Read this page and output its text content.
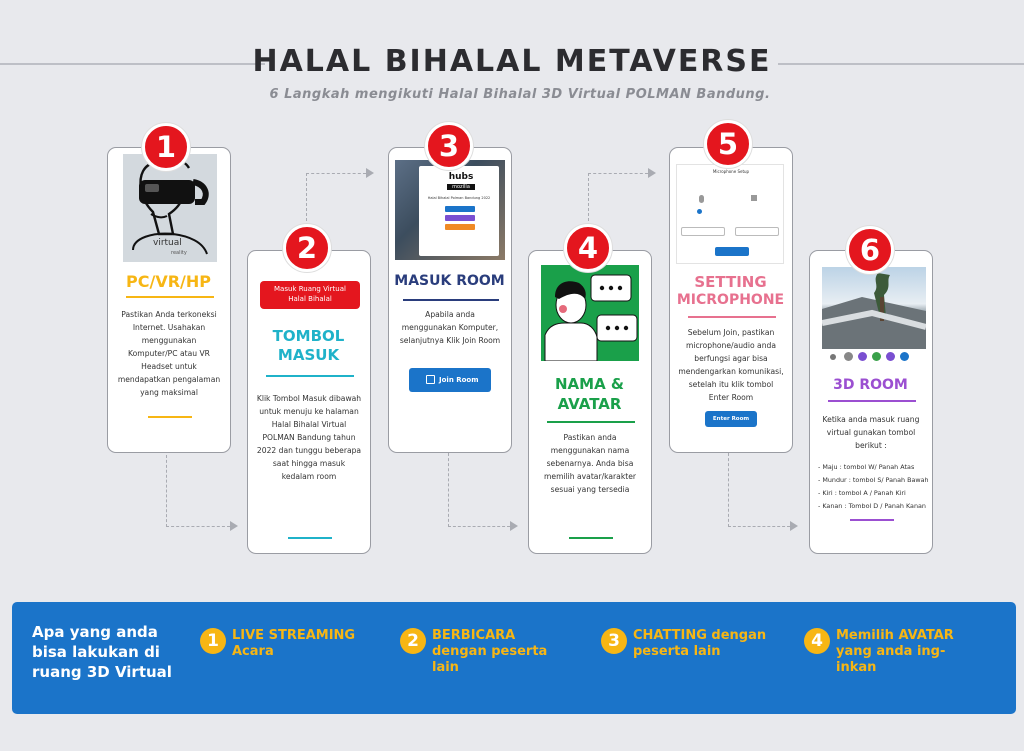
HALAL BIHALAL METAVERSE
6 Langkah mengikuti Halal Bihalal 3D Virtual POLMAN Bandung.
virtual
reality
PC/VR/HP
Pastikan Anda terkoneksi Internet. Usahakan menggunakan Komputer/PC atau VR Headset untuk mendapatkan pengalaman yang maksimal
1
Masuk Ruang Virtual Halal Bihalal
TOMBOL
MASUK
Klik Tombol Masuk dibawah untuk menuju ke halaman Halal Bihalal Virtual POLMAN Bandung tahun 2022 dan tunggu beberapa saat hingga masuk kedalam room
2
hubs
mozilla
Halal Bihalal Polman Bandung 2022
MASUK ROOM
Apabila anda menggunakan Komputer, selanjutnya Klik Join Room
Join Room
3
NAMA &
AVATAR
Pastikan anda menggunakan nama sebenarnya. Anda bisa memilih avatar/karakter sesuai yang tersedia
4
Microphone Setup
SETTING
MICROPHONE
Sebelum Join, pastikan microphone/audio anda berfungsi agar bisa mendengarkan komunikasi, setelah itu klik tombol Enter Room
Enter Room
5
3D ROOM
Ketika anda masuk ruang virtual gunakan tombol berikut :
- Maju : tombol W/ Panah Atas
- Mundur : tombol S/ Panah Bawah
- Kiri : tombol A / Panah Kiri
- Kanan : Tombol D / Panah Kanan
6
Apa yang anda bisa lakukan di ruang 3D Virtual
1	LIVE STREAMING Acara
2	BERBICARA dengan peserta lain
3	CHATTING dengan peserta lain
4	Memilih AVATAR yang anda ing-inkan
